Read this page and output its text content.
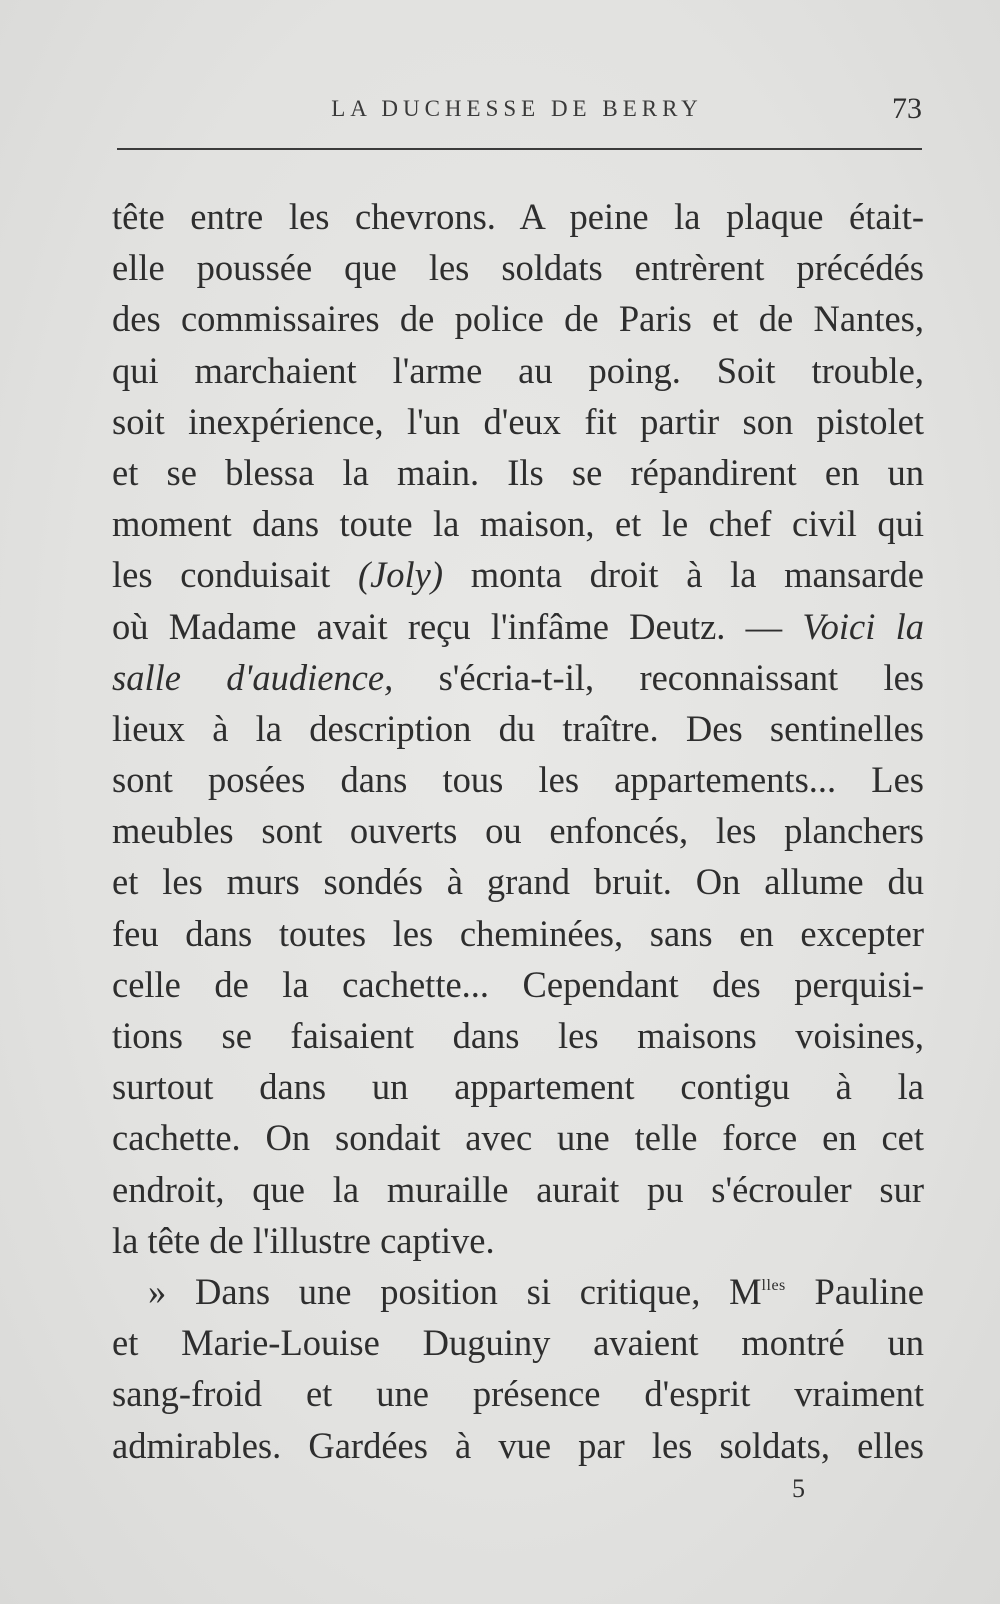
LA DUCHESSE DE BERRY	73
tête entre les chevrons. A peine la plaque était-
elle poussée que les soldats entrèrent précédés
des commissaires de police de Paris et de Nantes,
qui marchaient l'arme au poing. Soit trouble,
soit inexpérience, l'un d'eux fit partir son pistolet
et se blessa la main. Ils se répandirent en un
moment dans toute la maison, et le chef civil qui
les conduisait (Joly) monta droit à la mansarde
où Madame avait reçu l'infâme Deutz. — Voici la
salle d'audience, s'écria-t-il, reconnaissant les
lieux à la description du traître. Des sentinelles
sont posées dans tous les appartements... Les
meubles sont ouverts ou enfoncés, les planchers
et les murs sondés à grand bruit. On allume du
feu dans toutes les cheminées, sans en excepter
celle de la cachette... Cependant des perquisi-
tions se faisaient dans les maisons voisines,
surtout dans un appartement contigu à la
cachette. On sondait avec une telle force en cet
endroit, que la muraille aurait pu s'écrouler sur
la tête de l'illustre captive.
» Dans une position si critique, $M^{lles}$ Pauline
et Marie-Louise Duguiny avaient montré un
sang-froid et une présence d'esprit vraiment
admirables. Gardées à vue par les soldats, elles
5
